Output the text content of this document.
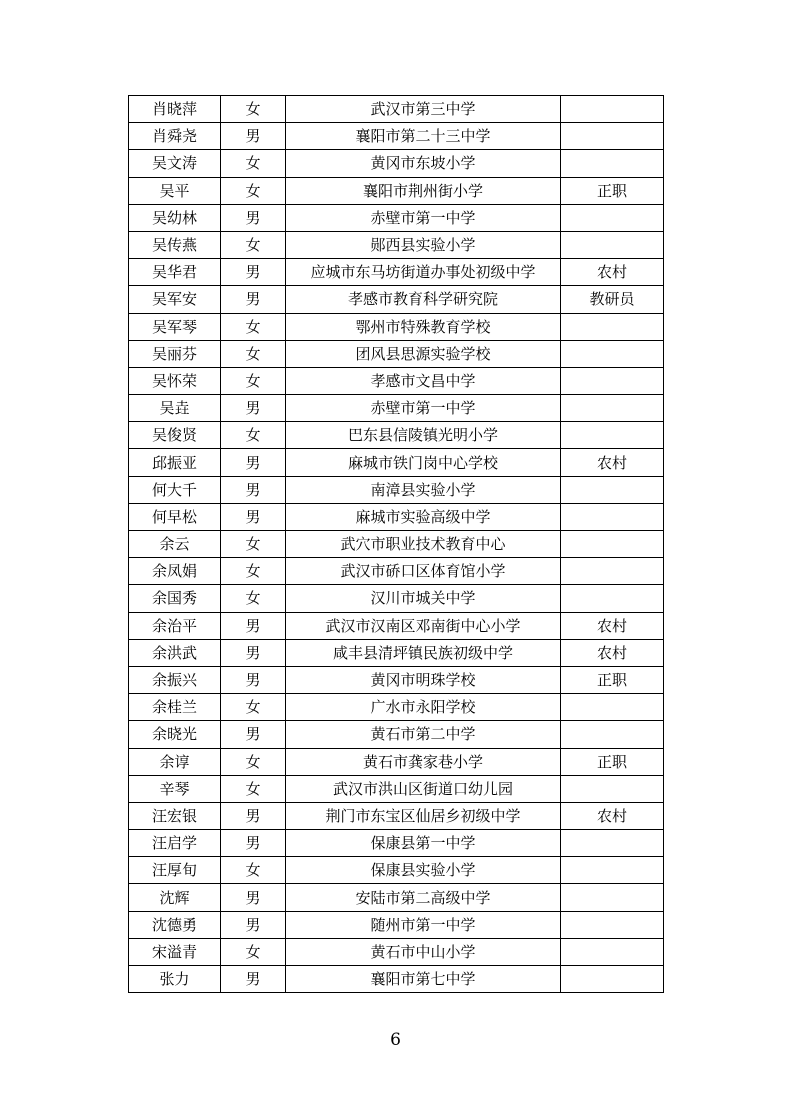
肖晓萍	女	武汉市第三中学	
肖舜尧	男	襄阳市第二十三中学	
吴文涛	女	黄冈市东坡小学	
吴平	女	襄阳市荆州街小学	正职
吴幼林	男	赤壁市第一中学	
吴传燕	女	郧西县实验小学	
吴华君	男	应城市东马坊街道办事处初级中学	农村
吴军安	男	孝感市教育科学研究院	教研员
吴军琴	女	鄂州市特殊教育学校	
吴丽芬	女	团风县思源实验学校	
吴怀荣	女	孝感市文昌中学	
吴垚	男	赤壁市第一中学	
吴俊贤	女	巴东县信陵镇光明小学	
邱振亚	男	麻城市铁门岗中心学校	农村
何大千	男	南漳县实验小学	
何早松	男	麻城市实验高级中学	
余云	女	武穴市职业技术教育中心	
余凤娟	女	武汉市硚口区体育馆小学	
余国秀	女	汉川市城关中学	
余治平	男	武汉市汉南区邓南街中心小学	农村
余洪武	男	咸丰县清坪镇民族初级中学	农村
余振兴	男	黄冈市明珠学校	正职
余桂兰	女	广水市永阳学校	
余晓光	男	黄石市第二中学	
余谆	女	黄石市龚家巷小学	正职
辛琴	女	武汉市洪山区街道口幼儿园	
汪宏银	男	荆门市东宝区仙居乡初级中学	农村
汪启学	男	保康县第一中学	
汪厚旬	女	保康县实验小学	
沈辉	男	安陆市第二高级中学	
沈德勇	男	随州市第一中学	
宋溢青	女	黄石市中山小学	
张力	男	襄阳市第七中学	
6
